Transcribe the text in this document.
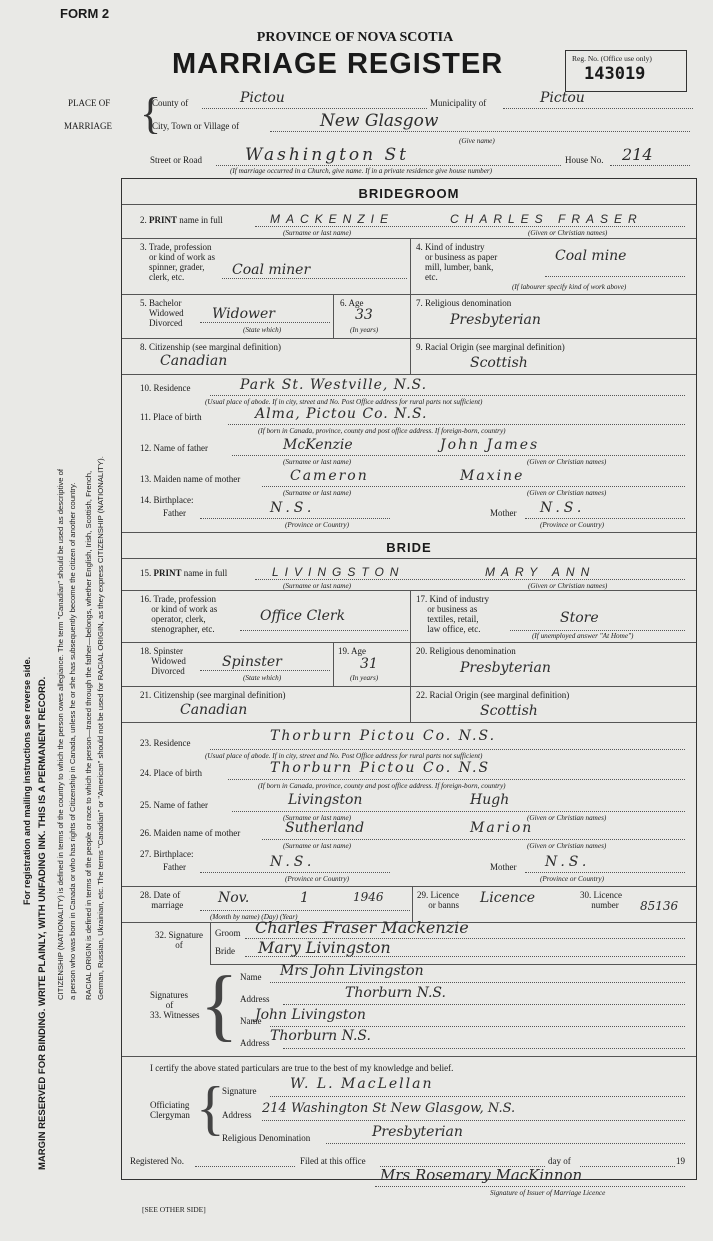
FORM 2
PROVINCE OF NOVA SCOTIA
MARRIAGE REGISTER	Reg. No. (Office use only)
143019
PLACE OF
MARRIAGE {
County of	Pictou	Municipality of	Pictou
City, Town or Village of	New Glasgow
(Give name)
Street or Road	Washington St	House No. 214
(If marriage occurred in a Church, give name. If in a private residence give house number)
BRIDEGROOM
2. PRINT name in full	MACKENZIE	CHARLES FRASER
(Surname or last name)	(Given or Christian names)
3. Trade, profession
or kind of work as
spinner, grader,
clerk, etc.	Coal miner
4. Kind of industry
or business as paper
mill, lumber, bank,
etc.
Coal mine
(If labourer specify kind of work above)
5. Bachelor
Widowed
Divorced
Widower
(State which)
6. Age
33
(In years)
7. Religious denomination
Presbyterian
8. Citizenship (see marginal definition)
Canadian
9. Racial Origin (see marginal definition)
Scottish
10. Residence	Park St. Westville, N.S.
(Usual place of abode. If in city, street and No. Post Office address for rural parts not sufficient)
11. Place of birth	Alma, Pictou Co. N.S.
(If born in Canada, province, county and post office address. If foreign-born, country)
12. Name of father	McKenzie	John James
(Surname or last name)	(Given or Christian names)
13. Maiden name of mother	Cameron	Maxine
(Surname or last name)	(Given or Christian names)
14. Birthplace:
Father	N.S.	Mother N.S.
(Province or Country)	(Province or Country)
BRIDE
15. PRINT name in full	LIVINGSTON	MARY ANN
(Surname or last name)	(Given or Christian names)
16. Trade, profession
or kind of work as
operator, clerk,
stenographer, etc.
Office Clerk
17. Kind of industry
or business as
textiles, retail,
law office, etc.
Store
(If unemployed answer "At Home")
18. Spinster
Widowed
Divorced
Spinster
(State which)
19. Age
31
(In years)
20. Religious denomination
Presbyterian
21. Citizenship (see marginal definition)
Canadian
22. Racial Origin (see marginal definition)
Scottish
23. Residence	Thorburn Pictou Co. N.S.
(Usual place of abode. If in city, street and No. Post Office address for rural parts not sufficient)
24. Place of birth	Thorburn Pictou Co. N.S
(If born in Canada, province, county and post office address. If foreign-born, country)
25. Name of father	Livingston	Hugh
(Surname or last name)	(Given or Christian names)
26. Maiden name of mother	Sutherland	Marion
(Surname or last name)	(Given or Christian names)
27. Birthplace:
Father	N.S.	Mother N.S.
(Province or Country)	(Province or Country)
28. Date of
marriage Nov.	1	1946
(Month by name) (Day) (Year)
29. Licence
or banns Licence	30. Licence
number 85136
32. Signature
of
Groom Charles Fraser Mackenzie
Bride Mary Livingston
Signatures
of
33. Witnesses { Name Mrs John Livingston
Address	Thorburn N.S.
Name
John Livingston
Address Thorburn N.S.
I certify the above stated particulars are true to the best of my knowledge and belief.
Officiating
Clergyman {
Signature W. L. MacLellan
Address 214 Washington St New Glasgow, N.S.
Religious Denomination	Presbyterian
Registered No.	Filed at this office	day of	19
Mrs Rosemary MacKinnon
Signature of Issuer of Marriage Licence
[SEE OTHER SIDE]
For registration and mailing instructions see reverse side. MARGIN RESERVED FOR BINDING. WRITE PLAINLY, WITH UNFADING INK. THIS IS A PERMANENT RECORD. CITIZENSHIP (NATIONALITY) is defined in terms of the country to which the person owes allegiance. The term "Canadian" should be used as descriptive of a person who was born in Canada or who has rights of Citizenship in Canada, unless he or she has subsequently become the citizen of another country. RACIAL ORIGIN is defined in terms of the people or race to which the person—traced through the father—belongs, whether English, Irish, Scottish, French, German, Russian, Ukrainian, etc. The terms "Canadian" or "American" should not be used for RACIAL ORIGIN, as they express CITIZENSHIP (NATIONALITY).
